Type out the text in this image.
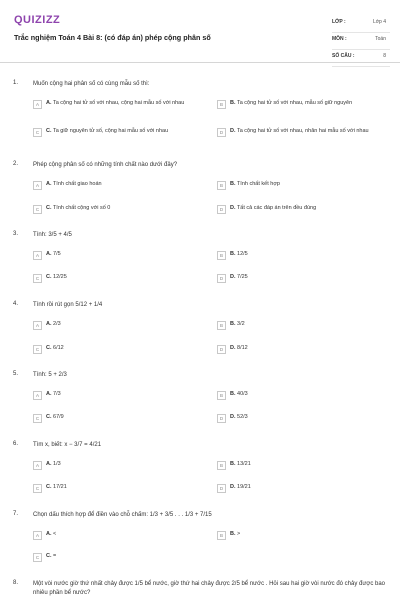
QUIZIZZ
Trắc nghiệm Toán 4 Bài 8: (có đáp án) phép cộng phân số
LỚP :	Lớp 4
MÔN :	Toán
SỐ CÂU :	8
1. Muốn cộng hai phân số có cùng mẫu số thì:
A	A. Ta cộng hai tử số với nhau, cộng hai mẫu số với nhau	B	B. Ta cộng hai tử số với nhau, mẫu số giữ nguyên
C	C. Ta giữ nguyên tử số, cộng hai mẫu số với nhau	D	D. Ta cộng hai tử số với nhau, nhân hai mẫu số với nhau
2. Phép cộng phân số có những tính chất nào dưới đây?
A	A. Tính chất giao hoán	B	B. Tính chất kết hợp
C	C. Tính chất cộng với số 0	D	D. Tất cả các đáp án trên đều đúng
3. Tính: 3/5 + 4/5
A	A. 7/5	B	B. 12/5
C	C. 12/25	D	D. 7/25
4. Tính rồi rút gọn 5/12 + 1/4
A	A. 2/3	B	B. 3/2
C	C. 6/12	D	D. 8/12
5. Tính: 5 + 2/3
A	A. 7/3	B	B. 40/3
C	C. 67/9	D	D. 52/3
6. Tìm x, biết: x − 3/7 = 4/21
A	A. 1/3	B	B. 13/21
C	C. 17/21	D	D. 19/21
7. Chọn dấu thích hợp để điền vào chỗ chấm: 1/3 + 3/5 . . . 1/3 + 7/15
A	A. <	B	B. >
C	C. =
8. Một vòi nước giờ thứ nhất chảy được 1/5 bể nước, giờ thứ hai chảy được 2/5 bể nước . Hỏi sau hai giờ vòi nước đó chảy được bao nhiêu phần bể nước?
